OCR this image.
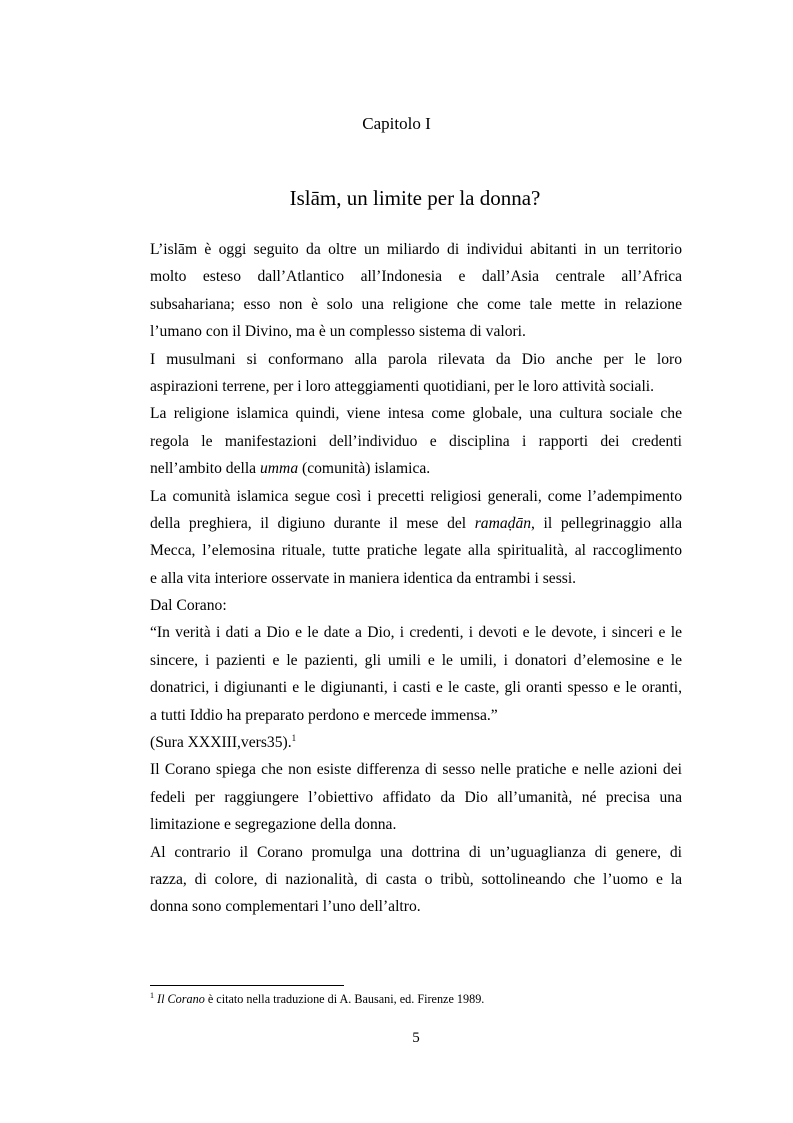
Capitolo I
Islām, un limite per la donna?
L’islām è oggi seguito da oltre un miliardo di individui abitanti in un territorio
molto esteso dall’Atlantico all’Indonesia e dall’Asia centrale all’Africa
subsahariana; esso non è solo una religione che come tale mette in relazione
l’umano con il Divino, ma è un complesso sistema di valori.
I musulmani si conformano alla parola rilevata da Dio anche per le loro
aspirazioni terrene, per i loro atteggiamenti quotidiani, per le loro attività sociali.
La religione islamica quindi, viene intesa come globale, una cultura sociale che
regola le manifestazioni dell’individuo e disciplina i rapporti dei credenti
nell’ambito della umma (comunità) islamica.
La comunità islamica segue così i precetti religiosi generali, come l’adempimento
della preghiera, il digiuno durante il mese del ramaḍān, il pellegrinaggio alla
Mecca, l’elemosina rituale, tutte pratiche legate alla spiritualità, al raccoglimento
e alla vita interiore osservate in maniera identica da entrambi i sessi.
Dal Corano:
“In verità i dati a Dio e le date a Dio, i credenti, i devoti e le devote, i sinceri e le
sincere, i pazienti e le pazienti, gli umili e le umili, i donatori d’elemosine e le
donatrici, i digiunanti e le digiunanti, i casti e le caste, gli oranti spesso e le oranti,
a tutti Iddio ha preparato perdono e mercede immensa.”
(Sura XXXIII,vers35).$^1$
Il Corano spiega che non esiste differenza di sesso nelle pratiche e nelle azioni dei
fedeli per raggiungere l’obiettivo affidato da Dio all’umanità, né precisa una
limitazione e segregazione della donna.
Al contrario il Corano promulga una dottrina di un’uguaglianza di genere, di
razza, di colore, di nazionalità, di casta o tribù, sottolineando che l’uomo e la
donna sono complementari l’uno dell’altro.
$^1$ Il Corano è citato nella traduzione di A. Bausani, ed. Firenze 1989.
5
